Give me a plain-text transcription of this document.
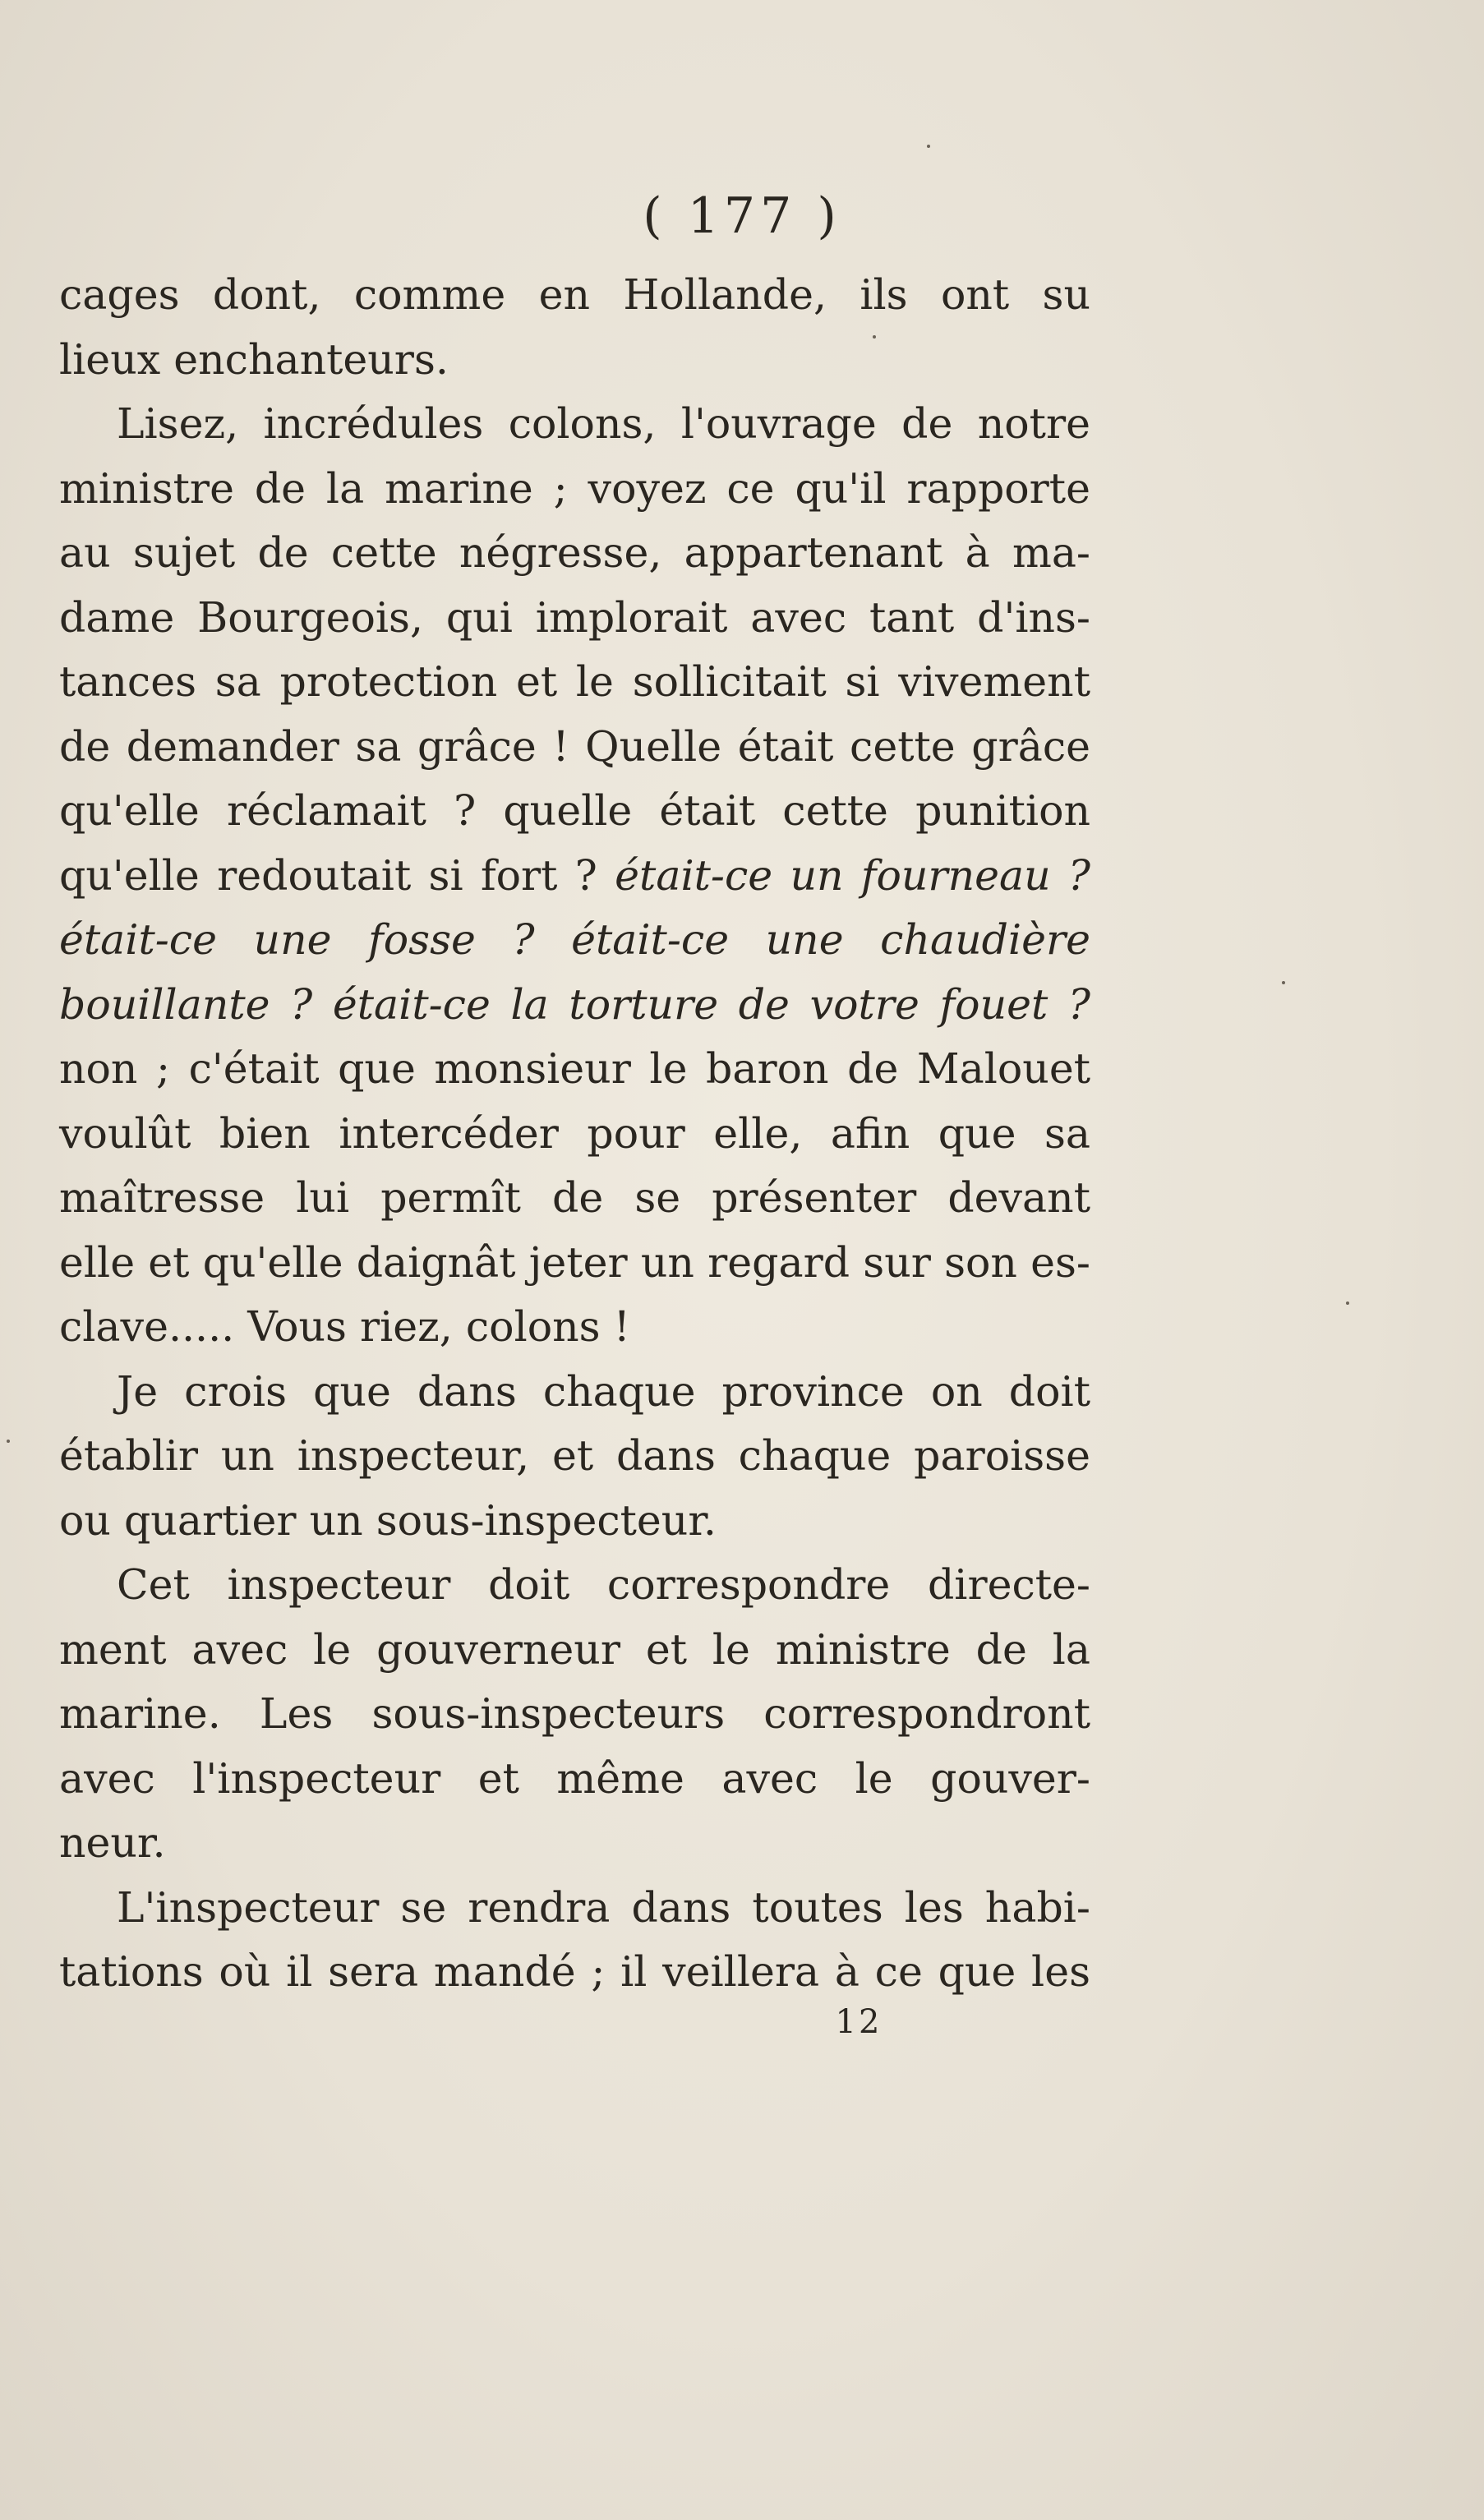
( 177 )
cages dont, comme en Hollande, ils ont su
lieux enchanteurs.
Lisez, incrédules colons, l'ouvrage de notre
ministre de la marine ; voyez ce qu'il rapporte
au sujet de cette négresse, appartenant à ma-
dame Bourgeois, qui implorait avec tant d'ins-
tances sa protection et le sollicitait si vivement
de demander sa grâce ! Quelle était cette grâce
qu'elle réclamait ? quelle était cette punition
qu'elle redoutait si fort ? était-ce un fourneau ?
était-ce une fosse ? était-ce une chaudière
bouillante ? était-ce la torture de votre fouet ?
non ; c'était que monsieur le baron de Malouet
voulût bien intercéder pour elle, afin que sa
maîtresse lui permît de se présenter devant
elle et qu'elle daignât jeter un regard sur son es-
clave..... Vous riez, colons !
Je crois que dans chaque province on doit
établir un inspecteur, et dans chaque paroisse
ou quartier un sous-inspecteur.
Cet inspecteur doit correspondre directe-
ment avec le gouverneur et le ministre de la
marine. Les sous-inspecteurs correspondront
avec l'inspecteur et même avec le gouver-
neur.
L'inspecteur se rendra dans toutes les habi-
tations où il sera mandé ; il veillera à ce que les
12
